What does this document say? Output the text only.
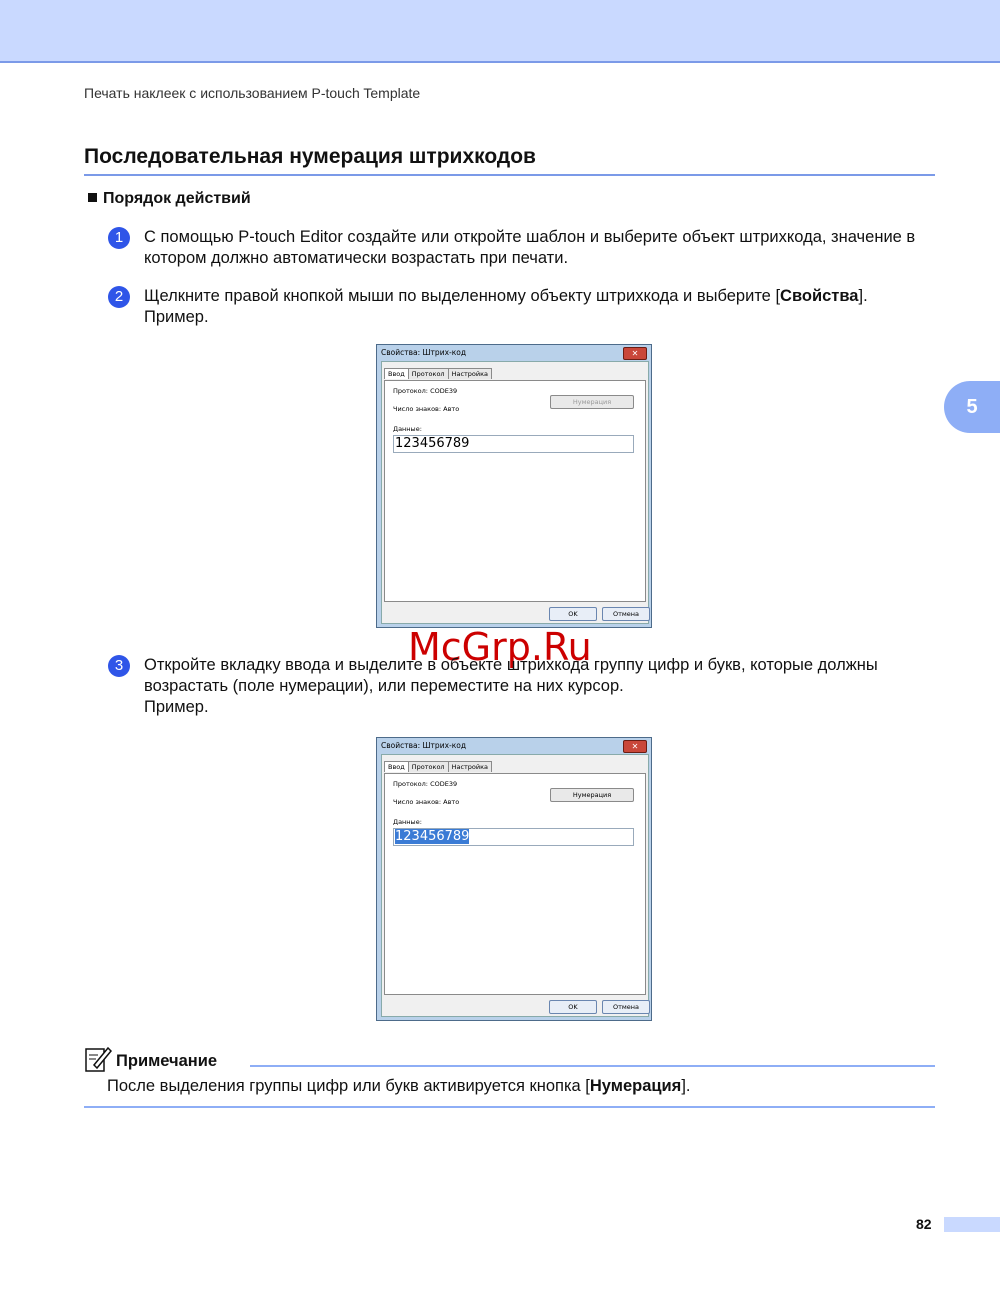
Печать наклеек с использованием P-touch Template
Последовательная нумерация штрихкодов
Порядок действий
5
1	С помощью P-touch Editor создайте или откройте шаблон и выберите объект штрихкода, значение в котором должно автоматически возрастать при печати.
2	Щелкните правой кнопкой мыши по выделенному объекту штрихкода и выберите [Свойства].
Пример.
Свойства: Штрих-код	✕
Ввод Протокол Настройка
Протокол: CODE39
Число знаков: Авто
Нумерация
Данные:
123456789
OK	Отмена
McGrp.Ru
3	Откройте вкладку ввода и выделите в объекте штрихкода группу цифр и букв, которые должны возрастать (поле нумерации), или переместите на них курсор.
Пример.
Свойства: Штрих-код	✕
Ввод Протокол Настройка
Протокол: CODE39
Число знаков: Авто
Нумерация
Данные:
123456789
OK	Отмена
Примечание
После выделения группы цифр или букв активируется кнопка [Нумерация].
82
